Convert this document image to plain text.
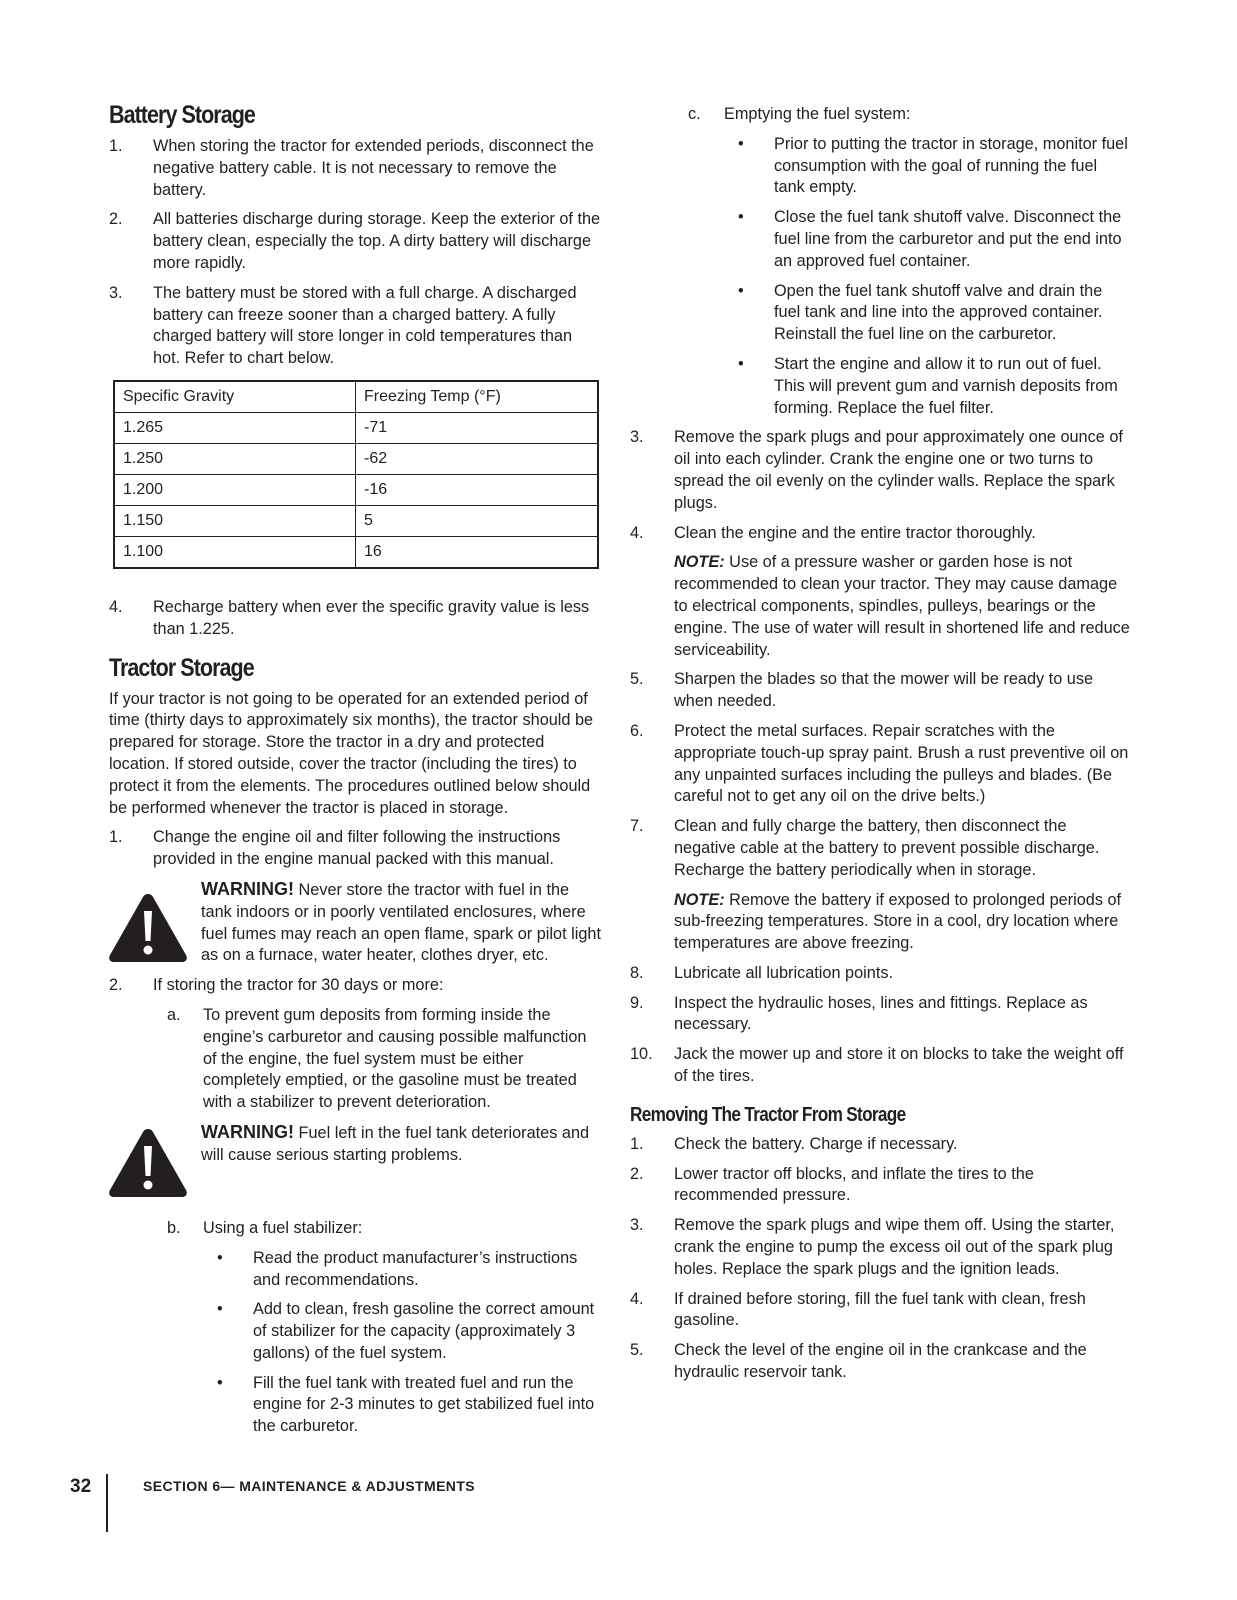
Battery Storage
1. When storing the tractor for extended periods, disconnect the negative battery cable. It is not necessary to remove the battery.
2. All batteries discharge during storage. Keep the exterior of the battery clean, especially the top. A dirty battery will discharge more rapidly.
3. The battery must be stored with a full charge. A discharged battery can freeze sooner than a charged battery. A fully charged battery will store longer in cold temperatures than hot. Refer to chart below.
Specific Gravity	Freezing Temp (°F)
1.265	-71
1.250	-62
1.200	-16
1.150	5
1.100	16
4. Recharge battery when ever the specific gravity value is less than 1.225.
Tractor Storage

If your tractor is not going to be operated for an extended period of time (thirty days to approximately six months), the tractor should be prepared for storage. Store the tractor in a dry and protected location. If stored outside, cover the tractor (including the tires) to protect it from the elements. The procedures outlined below should be performed whenever the tractor is placed in storage.

1. Change the engine oil and filter following the instructions provided in the engine manual packed with this manual.
WARNING! Never store the tractor with fuel in the tank indoors or in poorly ventilated enclosures, where fuel fumes may reach an open flame, spark or pilot light as on a furnace, water heater, clothes dryer, etc.
2. If storing the tractor for 30 days or more:
a. To prevent gum deposits from forming inside the engine’s carburetor and causing possible malfunction of the engine, the fuel system must be either completely emptied, or the gasoline must be treated with a stabilizer to prevent deterioration.
WARNING! Fuel left in the fuel tank deteriorates and will cause serious starting problems.
b. Using a fuel stabilizer:
• Read the product manufacturer’s instructions and recommendations.
• Add to clean, fresh gasoline the correct amount of stabilizer for the capacity (approximately 3 gallons) of the fuel system.
• Fill the fuel tank with treated fuel and run the engine for 2-3 minutes to get stabilized fuel into the carburetor.
c. Emptying the fuel system:
• Prior to putting the tractor in storage, monitor fuel consumption with the goal of running the fuel tank empty.
• Close the fuel tank shutoff valve. Disconnect the fuel line from the carburetor and put the end into an approved fuel container.
• Open the fuel tank shutoff valve and drain the fuel tank and line into the approved container. Reinstall the fuel line on the carburetor.
• Start the engine and allow it to run out of fuel. This will prevent gum and varnish deposits from forming. Replace the fuel filter.
3. Remove the spark plugs and pour approximately one ounce of oil into each cylinder. Crank the engine one or two turns to spread the oil evenly on the cylinder walls. Replace the spark plugs.
4. Clean the engine and the entire tractor thoroughly.
NOTE: Use of a pressure washer or garden hose is not recommended to clean your tractor. They may cause damage to electrical components, spindles, pulleys, bearings or the engine. The use of water will result in shortened life and reduce serviceability.
5. Sharpen the blades so that the mower will be ready to use when needed.
6. Protect the metal surfaces. Repair scratches with the appropriate touch-up spray paint. Brush a rust preventive oil on any unpainted surfaces including the pulleys and blades. (Be careful not to get any oil on the drive belts.)
7. Clean and fully charge the battery, then disconnect the negative cable at the battery to prevent possible discharge. Recharge the battery periodically when in storage.
NOTE: Remove the battery if exposed to prolonged periods of sub-freezing temperatures. Store in a cool, dry location where temperatures are above freezing.
8. Lubricate all lubrication points.
9. Inspect the hydraulic hoses, lines and fittings. Replace as necessary.
10. Jack the mower up and store it on blocks to take the weight off of the tires.
Removing The Tractor From Storage
1. Check the battery. Charge if necessary.
2. Lower tractor off blocks, and inflate the tires to the recommended pressure.
3. Remove the spark plugs and wipe them off. Using the starter, crank the engine to pump the excess oil out of the spark plug holes. Replace the spark plugs and the ignition leads.
4. If drained before storing, fill the fuel tank with clean, fresh gasoline.
5. Check the level of the engine oil in the crankcase and the hydraulic reservoir tank.
32	SECTION 6— MAINTENANCE & ADJUSTMENTS
